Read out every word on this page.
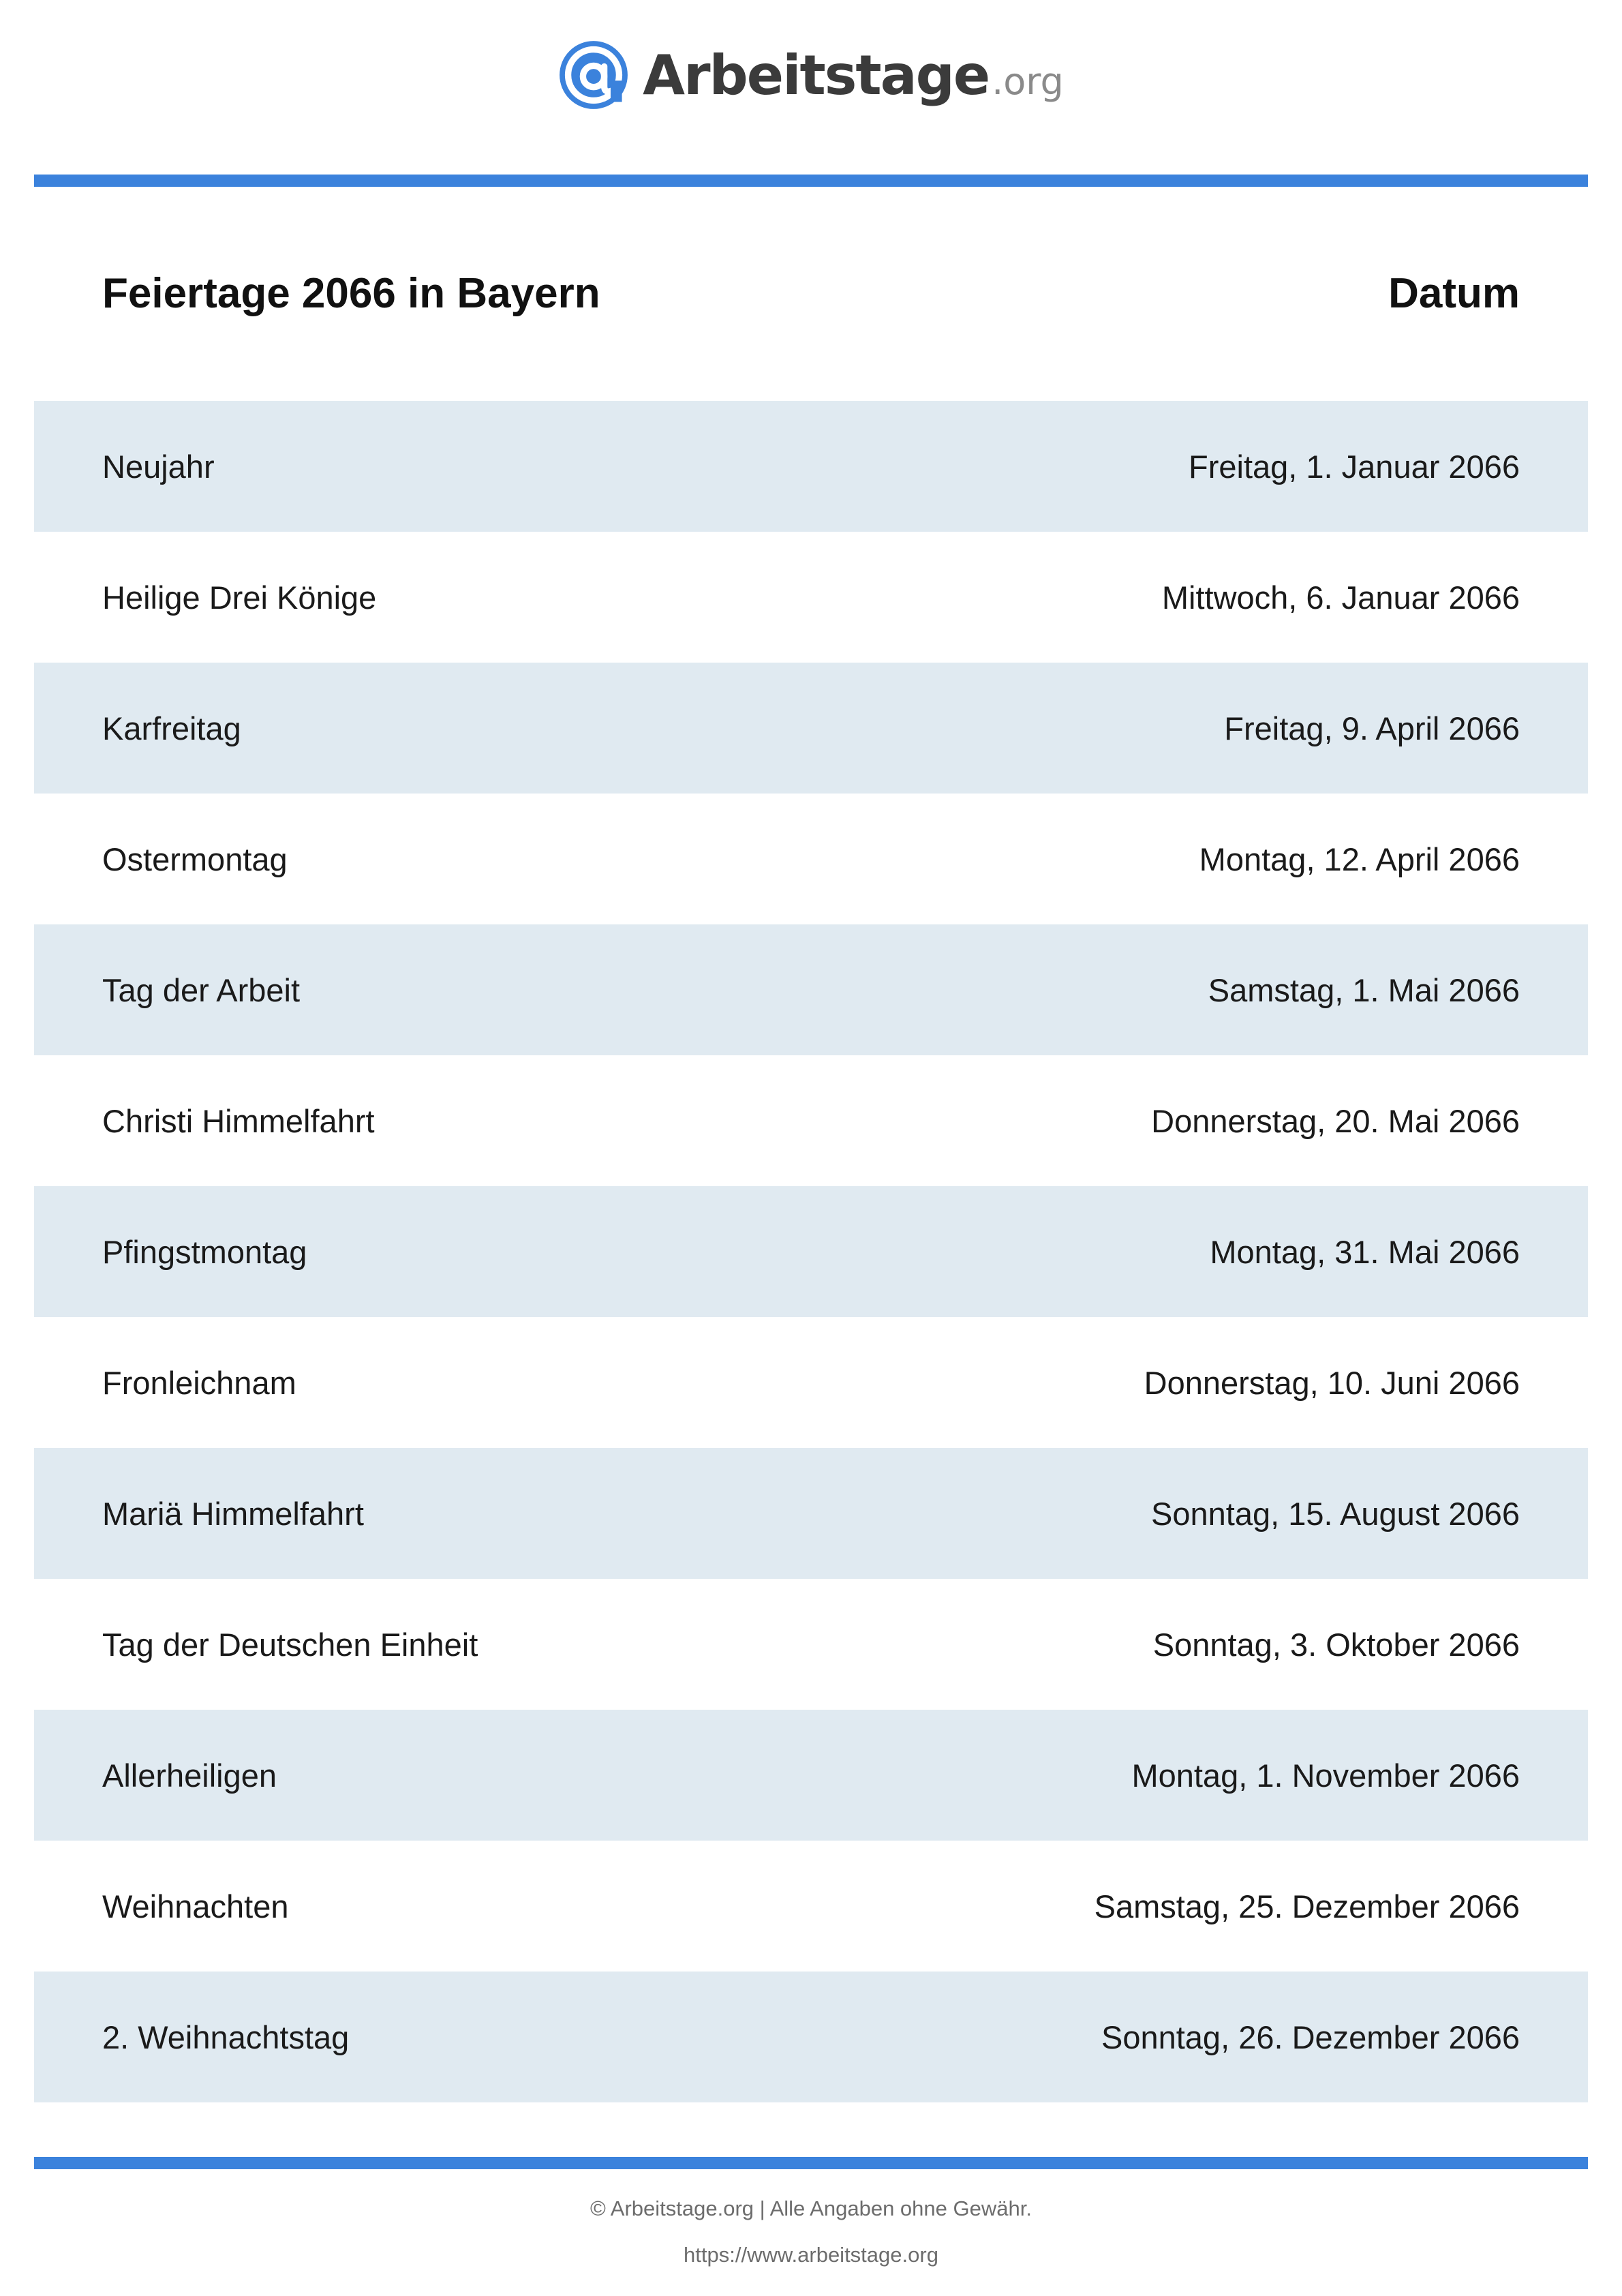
Arbeitstage .org
Feiertage 2066 in Bayern	Datum
Neujahr	Freitag, 1. Januar 2066
Heilige Drei Könige	Mittwoch, 6. Januar 2066
Karfreitag	Freitag, 9. April 2066
Ostermontag	Montag, 12. April 2066
Tag der Arbeit	Samstag, 1. Mai 2066
Christi Himmelfahrt	Donnerstag, 20. Mai 2066
Pfingstmontag	Montag, 31. Mai 2066
Fronleichnam	Donnerstag, 10. Juni 2066
Mariä Himmelfahrt	Sonntag, 15. August 2066
Tag der Deutschen Einheit	Sonntag, 3. Oktober 2066
Allerheiligen	Montag, 1. November 2066
Weihnachten	Samstag, 25. Dezember 2066
2. Weihnachtstag	Sonntag, 26. Dezember 2066
© Arbeitstage.org | Alle Angaben ohne Gewähr.
https://www.arbeitstage.org
